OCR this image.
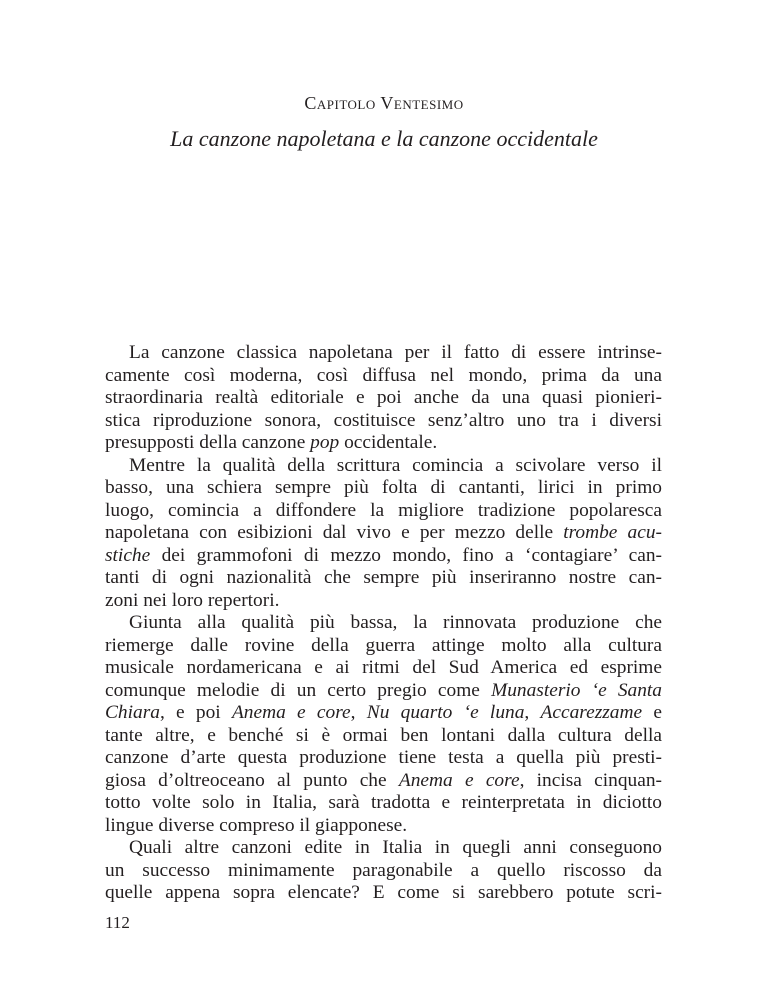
Capitolo Ventesimo
La canzone napoletana e la canzone occidentale
La canzone classica napoletana per il fatto di essere intrinse-
camente così moderna, così diffusa nel mondo, prima da una
straordinaria realtà editoriale e poi anche da una quasi pionieri-
stica riproduzione sonora, costituisce senz’altro uno tra i diversi
presupposti della canzone pop occidentale.
Mentre la qualità della scrittura comincia a scivolare verso il
basso, una schiera sempre più folta di cantanti, lirici in primo
luogo, comincia a diffondere la migliore tradizione popolaresca
napoletana con esibizioni dal vivo e per mezzo delle trombe acu-
stiche dei grammofoni di mezzo mondo, fino a ‘contagiare’ can-
tanti di ogni nazionalità che sempre più inseriranno nostre can-
zoni nei loro repertori.
Giunta alla qualità più bassa, la rinnovata produzione che
riemerge dalle rovine della guerra attinge molto alla cultura
musicale nordamericana e ai ritmi del Sud America ed esprime
comunque melodie di un certo pregio come Munasterio ‘e Santa
Chiara, e poi Anema e core, Nu quarto ‘e luna, Accarezzame e
tante altre, e benché si è ormai ben lontani dalla cultura della
canzone d’arte questa produzione tiene testa a quella più presti-
giosa d’oltreoceano al punto che Anema e core, incisa cinquan-
totto volte solo in Italia, sarà tradotta e reinterpretata in diciotto
lingue diverse compreso il giapponese.
Quali altre canzoni edite in Italia in quegli anni conseguono
un successo minimamente paragonabile a quello riscosso da
quelle appena sopra elencate? E come si sarebbero potute scri-
112
